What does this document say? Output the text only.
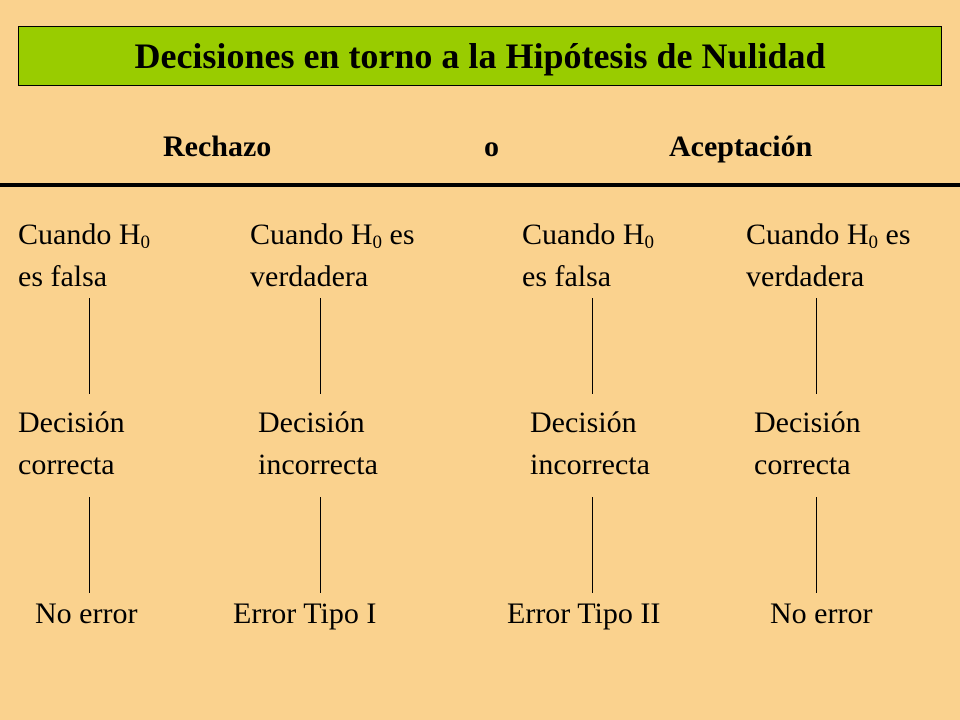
Decisiones en torno a la Hipótesis de Nulidad
Rechazo	o	Aceptación
Cuando $H_0$
es falsa
Decisión
correcta
No error
Cuando $H_0$ es
verdadera
Decisión
incorrecta
Error Tipo I
Cuando $H_0$
es falsa
Decisión
incorrecta
Error Tipo II
Cuando $H_0$ es
verdadera
Decisión
correcta
No error
